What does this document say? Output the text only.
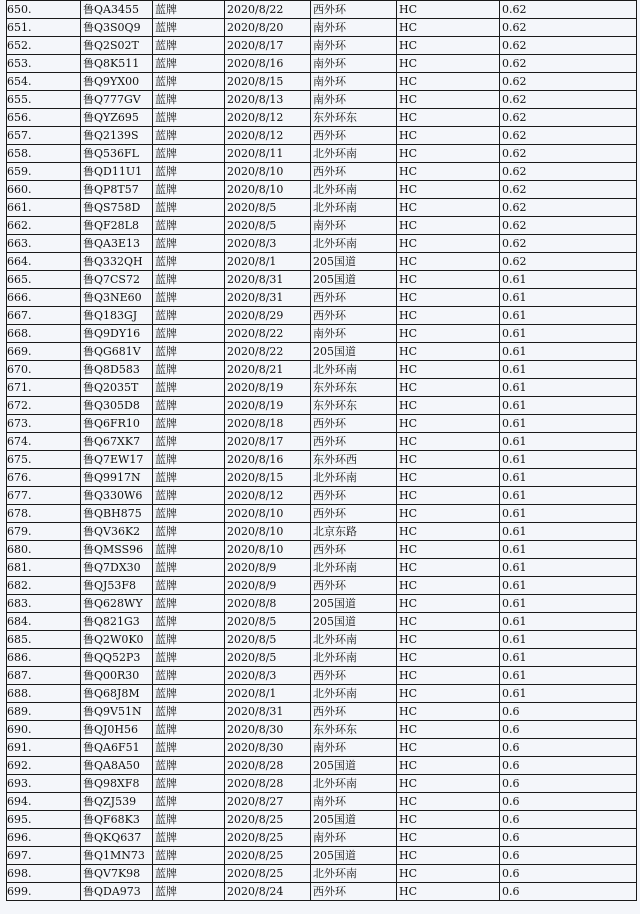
650.	鲁QA3455	蓝牌	2020/8/22	西外环	HC	0.62
651.	鲁Q3S0Q9	蓝牌	2020/8/20	南外环	HC	0.62
652.	鲁Q2S02T	蓝牌	2020/8/17	南外环	HC	0.62
653.	鲁Q8K511	蓝牌	2020/8/16	南外环	HC	0.62
654.	鲁Q9YX00	蓝牌	2020/8/15	南外环	HC	0.62
655.	鲁Q777GV	蓝牌	2020/8/13	南外环	HC	0.62
656.	鲁QYZ695	蓝牌	2020/8/12	东外环东	HC	0.62
657.	鲁Q2139S	蓝牌	2020/8/12	西外环	HC	0.62
658.	鲁Q536FL	蓝牌	2020/8/11	北外环南	HC	0.62
659.	鲁QD11U1	蓝牌	2020/8/10	西外环	HC	0.62
660.	鲁QP8T57	蓝牌	2020/8/10	北外环南	HC	0.62
661.	鲁QS758D	蓝牌	2020/8/5	北外环南	HC	0.62
662.	鲁QF28L8	蓝牌	2020/8/5	南外环	HC	0.62
663.	鲁QA3E13	蓝牌	2020/8/3	北外环南	HC	0.62
664.	鲁Q332QH	蓝牌	2020/8/1	205国道	HC	0.62
665.	鲁Q7CS72	蓝牌	2020/8/31	205国道	HC	0.61
666.	鲁Q3NE60	蓝牌	2020/8/31	西外环	HC	0.61
667.	鲁Q183GJ	蓝牌	2020/8/29	西外环	HC	0.61
668.	鲁Q9DY16	蓝牌	2020/8/22	南外环	HC	0.61
669.	鲁QG681V	蓝牌	2020/8/22	205国道	HC	0.61
670.	鲁Q8D583	蓝牌	2020/8/21	北外环南	HC	0.61
671.	鲁Q2035T	蓝牌	2020/8/19	东外环东	HC	0.61
672.	鲁Q305D8	蓝牌	2020/8/19	东外环东	HC	0.61
673.	鲁Q6FR10	蓝牌	2020/8/18	西外环	HC	0.61
674.	鲁Q67XK7	蓝牌	2020/8/17	西外环	HC	0.61
675.	鲁Q7EW17	蓝牌	2020/8/16	东外环西	HC	0.61
676.	鲁Q9917N	蓝牌	2020/8/15	北外环南	HC	0.61
677.	鲁Q330W6	蓝牌	2020/8/12	西外环	HC	0.61
678.	鲁QBH875	蓝牌	2020/8/10	西外环	HC	0.61
679.	鲁QV36K2	蓝牌	2020/8/10	北京东路	HC	0.61
680.	鲁QMSS96	蓝牌	2020/8/10	西外环	HC	0.61
681.	鲁Q7DX30	蓝牌	2020/8/9	北外环南	HC	0.61
682.	鲁QJ53F8	蓝牌	2020/8/9	西外环	HC	0.61
683.	鲁Q628WY	蓝牌	2020/8/8	205国道	HC	0.61
684.	鲁Q821G3	蓝牌	2020/8/5	205国道	HC	0.61
685.	鲁Q2W0K0	蓝牌	2020/8/5	北外环南	HC	0.61
686.	鲁QQ52P3	蓝牌	2020/8/5	北外环南	HC	0.61
687.	鲁Q00R30	蓝牌	2020/8/3	西外环	HC	0.61
688.	鲁Q68J8M	蓝牌	2020/8/1	北外环南	HC	0.61
689.	鲁Q9V51N	蓝牌	2020/8/31	西外环	HC	0.6
690.	鲁QJ0H56	蓝牌	2020/8/30	东外环东	HC	0.6
691.	鲁QA6F51	蓝牌	2020/8/30	南外环	HC	0.6
692.	鲁QA8A50	蓝牌	2020/8/28	205国道	HC	0.6
693.	鲁Q98XF8	蓝牌	2020/8/28	北外环南	HC	0.6
694.	鲁QZJ539	蓝牌	2020/8/27	南外环	HC	0.6
695.	鲁QF68K3	蓝牌	2020/8/25	205国道	HC	0.6
696.	鲁QKQ637	蓝牌	2020/8/25	南外环	HC	0.6
697.	鲁Q1MN73	蓝牌	2020/8/25	205国道	HC	0.6
698.	鲁QV7K98	蓝牌	2020/8/25	北外环南	HC	0.6
699.	鲁QDA973	蓝牌	2020/8/24	西外环	HC	0.6
